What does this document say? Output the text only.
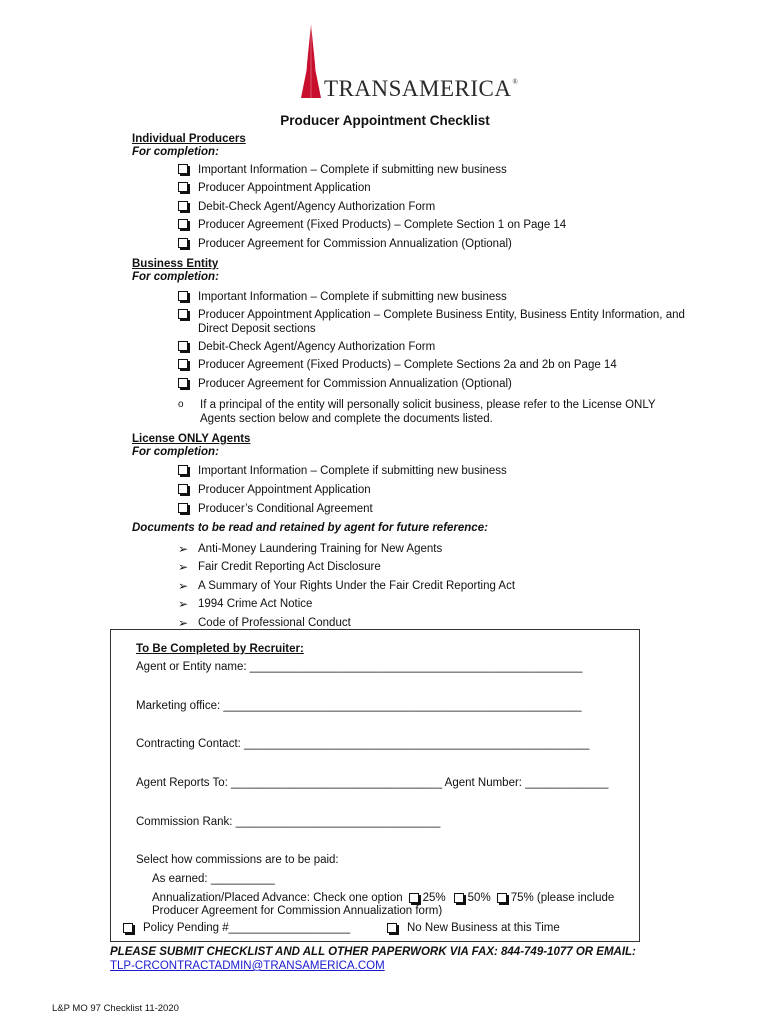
TRANSAMERICA®
Producer Appointment Checklist
Individual Producers
For completion:
Important Information – Complete if submitting new business
Producer Appointment Application
Debit-Check Agent/Agency Authorization Form
Producer Agreement (Fixed Products) – Complete Section 1 on Page 14
Producer Agreement for Commission Annualization (Optional)
Business Entity
For completion:
Important Information – Complete if submitting new business
Producer Appointment Application – Complete Business Entity, Business Entity Information, and Direct Deposit sections
Debit-Check Agent/Agency Authorization Form
Producer Agreement (Fixed Products) – Complete Sections 2a and 2b on Page 14
Producer Agreement for Commission Annualization (Optional)
o	If a principal of the entity will personally solicit business, please refer to the License ONLY Agents section below and complete the documents listed.
License ONLY Agents
For completion:
Important Information – Complete if submitting new business
Producer Appointment Application
Producer’s Conditional Agreement
Documents to be read and retained by agent for future reference:
➢ Anti-Money Laundering Training for New Agents
➢ Fair Credit Reporting Act Disclosure
➢ A Summary of Your Rights Under the Fair Credit Reporting Act
➢ 1994 Crime Act Notice
➢ Code of Professional Conduct
To Be Completed by Recruiter:
Agent or Entity name: ____________________________________________________
Marketing office: ________________________________________________________
Contracting Contact: ______________________________________________________
Agent Reports To: _________________________________ Agent Number: _____________
Commission Rank: ________________________________
Select how commissions are to be paid:
As earned: __________
Annualization/Placed Advance: Check one option 25% 50% 75% (please include
Producer Agreement for Commission Annualization form)
Policy Pending #___________________	No New Business at this Time
PLEASE SUBMIT CHECKLIST AND ALL OTHER PAPERWORK VIA FAX: 844-749-1077 OR EMAIL:
TLP-CRCONTRACTADMIN@TRANSAMERICA.COM
L&P MO 97 Checklist 11-2020
